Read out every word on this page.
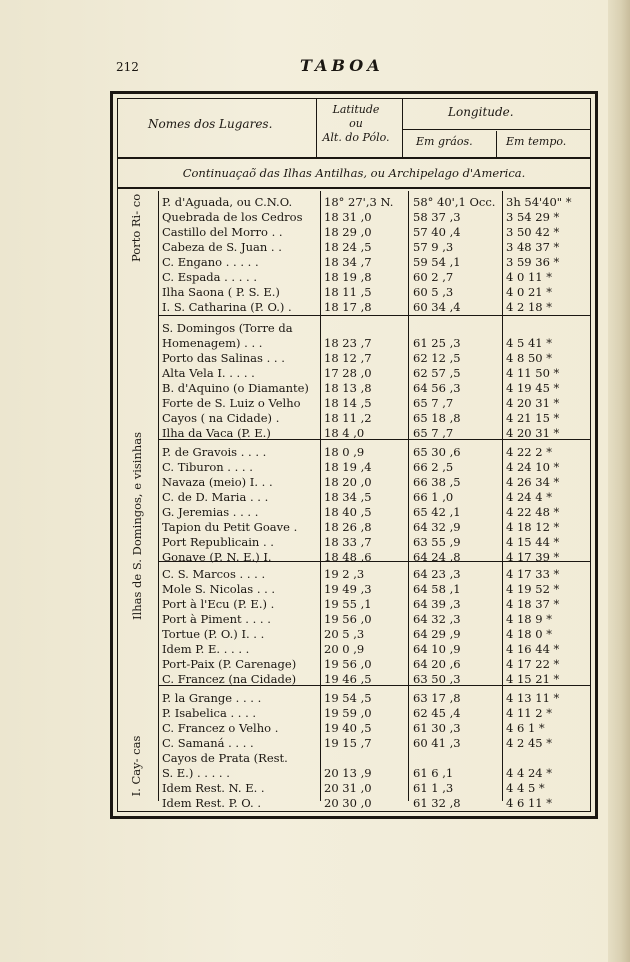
212	TABOA
Nomes dos Lugares.
Latitude
ou
Alt. do Pólo.
Longitude.
Em gráos.	Em tempo.
Continuaçaõ das Ilhas Antilhas, ou Archipelago d'America.
Porto Ri- co
Ilhas de S. Domingos, e visinhas
I. Cay- cas
P. d'Aguada, ou C.N.O.	18° 27',3 N. 58° 40',1 Occ. 3h 54'40" *
Quebrada de los Cedros 18 31 ,0	58 37 ,3	3 54 29 *
Castillo del Morro . .	18 29 ,0	57 40 ,4	3 50 42 *
Cabeza de S. Juan . .	18 24 ,5	57 9 ,3	3 48 37 *
C. Engano . . . . .	18 34 ,7	59 54 ,1	3 59 36 *
C. Espada . . . . .	18 19 ,8	60 2 ,7	4 0 11 *
Ilha Saona ( P. S. E.)	18 11 ,5	60 5 ,3	4 0 21 *
I. S. Catharina (P. O.) .	18 17 ,8	60 34 ,4	4 2 18 *
S. Domingos (Torre da
Homenagem) . . .	18 23 ,7	61 25 ,3	4 5 41 *
Porto das Salinas . . .	18 12 ,7	62 12 ,5	4 8 50 *
Alta Vela I. . . . .	17 28 ,0	62 57 ,5	4 11 50 *
B. d'Aquino (o Diamante) 18 13 ,8	64 56 ,3	4 19 45 *
Forte de S. Luiz o Velho 18 14 ,5	65 7 ,7	4 20 31 *
Cayos ( na Cidade) .	18 11 ,2	65 18 ,8	4 21 15 *
Ilha da Vaca (P. E.)	18 4 ,0	65 7 ,7	4 20 31 *
P. de Gravois . . . .	18 0 ,9	65 30 ,6	4 22 2 *
C. Tiburon . . . .	18 19 ,4	66 2 ,5	4 24 10 *
Navaza (meio) I. . .	18 20 ,0	66 38 ,5	4 26 34 *
C. de D. Maria . . .	18 34 ,5	66 1 ,0	4 24 4 *
G. Jeremias . . . .	18 40 ,5	65 42 ,1	4 22 48 *
Tapion du Petit Goave . 18 26 ,8	64 32 ,9	4 18 12 *
Port Republicain . .	18 33 ,7	63 55 ,9	4 15 44 *
Gonave (P. N. E.) I.	18 48 ,6	64 24 ,8	4 17 39 *
C. S. Marcos . . . .	19 2 ,3	64 23 ,3	4 17 33 *
Mole S. Nicolas . . .	19 49 ,3	64 58 ,1	4 19 52 *
Port à l'Ecu (P. E.) .	19 55 ,1	64 39 ,3	4 18 37 *
Port à Piment . . . .	19 56 ,0	64 32 ,3	4 18 9 *
Tortue (P. O.) I. . .	20 5 ,3	64 29 ,9	4 18 0 *
Idem P. E. . . . .	20 0 ,9	64 10 ,9	4 16 44 *
Port-Paix (P. Carenage) 19 56 ,0	64 20 ,6	4 17 22 *
C. Francez (na Cidade) 19 46 ,5	63 50 ,3	4 15 21 *
P. la Grange . . . .	19 54 ,5	63 17 ,8	4 13 11 *
P. Isabelica . . . .	19 59 ,0	62 45 ,4	4 11 2 *
C. Francez o Velho .	19 40 ,5	61 30 ,3	4 6 1 *
C. Samaná . . . .	19 15 ,7	60 41 ,3	4 2 45 *
Cayos de Prata (Rest.
S. E.) . . . . .	20 13 ,9	61 6 ,1	4 4 24 *
Idem Rest. N. E. .	20 31 ,0	61 1 ,3	4 4 5 *
Idem Rest. P. O. .	20 30 ,0	61 32 ,8	4 6 11 *
